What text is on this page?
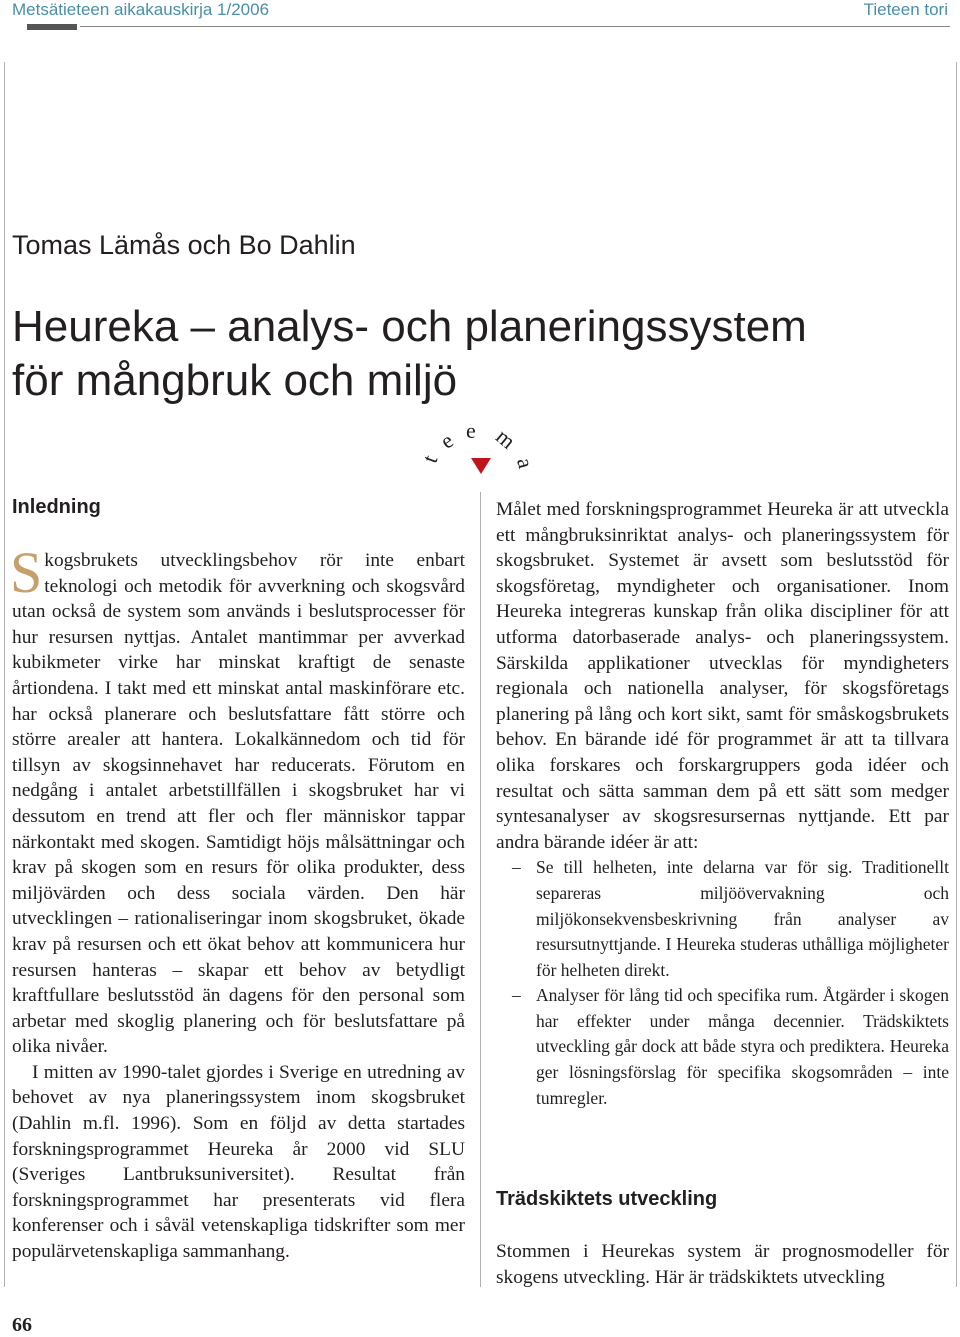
Metsätieteen aikakauskirja 1/2006	Tieteen tori
Tomas Lämås och Bo Dahlin
Heureka – analys- och planeringssystem
för mångbruk och miljö
t
e e m
a
Inledning

Skogsbrukets utvecklingsbehov rör inte enbart teknologi och metodik för avverkning och skogsvård utan också de system som används i beslutsprocesser för hur resursen nyttjas. Antalet mantimmar per avverkad kubikmeter virke har minskat kraftigt de senaste årtiondena. I takt med ett minskat antal maskinförare etc. har också planerare och beslutsfattare fått större och större arealer att hantera. Lokalkännedom och tid för tillsyn av skogsinnehavet har reducerats. Förutom en nedgång i antalet arbetstillfällen i skogsbruket har vi dessutom en trend att fler och fler människor tappar närkontakt med skogen. Samtidigt höjs målsättningar och krav på skogen som en resurs för olika produkter, dess miljövärden och dess sociala värden. Den här utvecklingen – rationaliseringar inom skogsbruket, ökade krav på resursen och ett ökat behov att kommunicera hur resursen hanteras – skapar ett behov av betydligt kraftfullare beslutsstöd än dagens för den personal som arbetar med skoglig planering och för beslutsfattare på olika nivåer.

I mitten av 1990-talet gjordes i Sverige en utredning av behovet av nya planeringssystem inom skogsbruket (Dahlin m.fl. 1996). Som en följd av detta startades forskningsprogrammet Heureka år 2000 vid SLU (Sveriges Lantbruksuniversitet). Resultat från forskningsprogrammet har presenterats vid flera konferenser och i såväl vetenskapliga tidskrifter som mer populärvetenskapliga sammanhang.

Målet med forskningsprogrammet Heureka är att utveckla ett mångbruksinriktat analys- och planeringssystem för skogsbruket. Systemet är avsett som beslutsstöd för skogsföretag, myndigheter och organisationer. Inom Heureka integreras kunskap från olika discipliner för att utforma datorbaserade analys- och planeringssystem. Särskilda applikationer utvecklas för myndigheters regionala och nationella analyser, för skogsföretags planering på lång och kort sikt, samt för småskogsbrukets behov. En bärande idé för programmet är att ta tillvara olika forskares och forskargruppers goda idéer och resultat och sätta samman dem på ett sätt som medger syntesanalyser av skogsresursernas nyttjande. Ett par andra bärande idéer är att:

– Se till helheten, inte delarna var för sig. Traditionellt separeras miljöövervakning och miljökonsekvensbeskrivning från analyser av resursutnyttjande. I Heureka studeras uthålliga möjligheter för helheten direkt.
– Analyser för lång tid och specifika rum. Åtgärder i skogen har effekter under många decennier. Trädskiktets utveckling går dock att både styra och prediktera. Heureka ger lösningsförslag för specifika skogsområden – inte tumregler.
Trädskiktets utveckling

Stommen i Heurekas system är prognosmodeller för skogens utveckling. Här är trädskiktets utveckling

66
